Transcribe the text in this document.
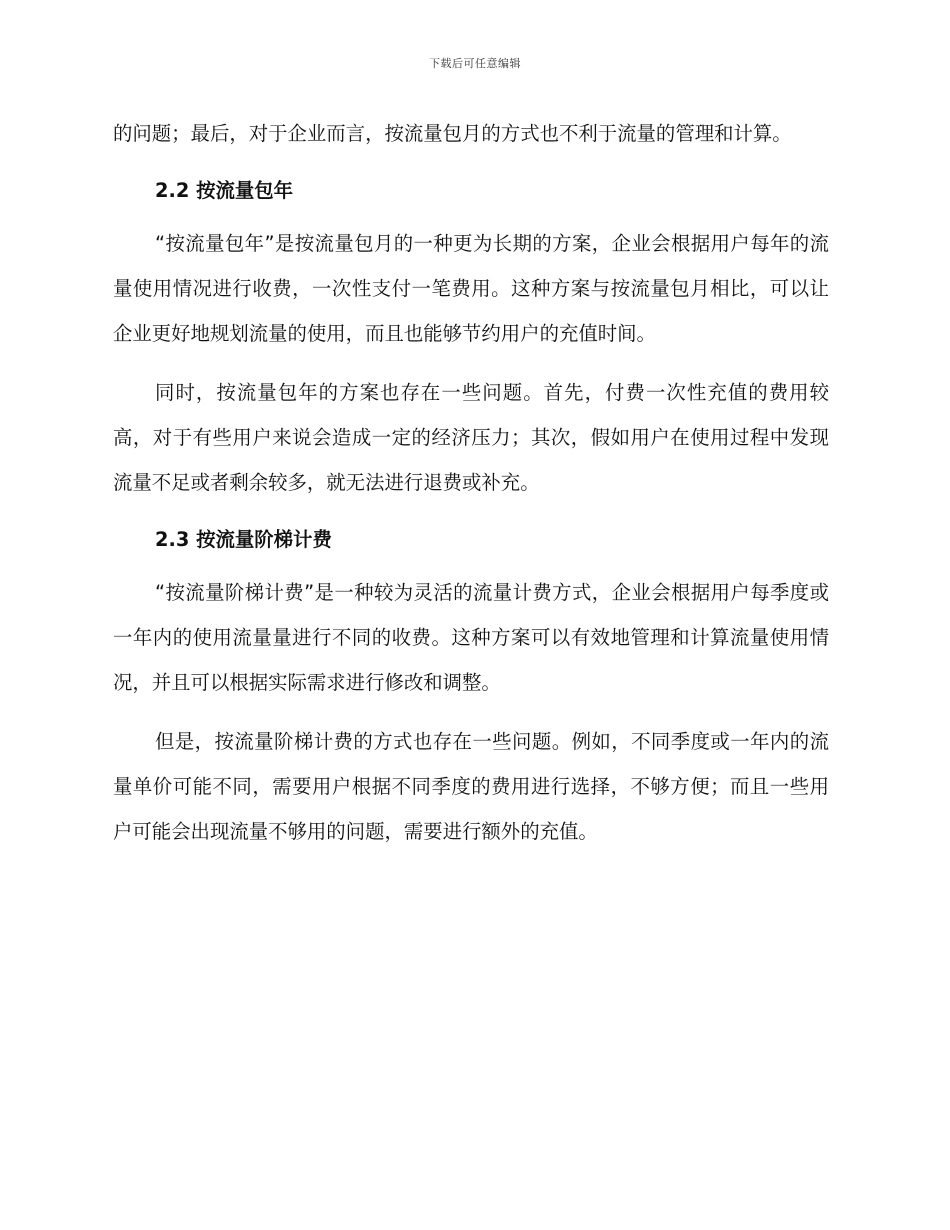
下载后可任意编辑

的问题；最后，对于企业而言，按流量包月的方式也不利于流量的管理和计算。

2.2 按流量包年

“按流量包年”是按流量包月的一种更为长期的方案，企业会根据用户每年的流量使用情况进行收费，一次性支付一笔费用。这种方案与按流量包月相比，可以让企业更好地规划流量的使用，而且也能够节约用户的充值时间。

同时，按流量包年的方案也存在一些问题。首先，付费一次性充值的费用较高，对于有些用户来说会造成一定的经济压力；其次，假如用户在使用过程中发现流量不足或者剩余较多，就无法进行退费或补充。

2.3 按流量阶梯计费

“按流量阶梯计费”是一种较为灵活的流量计费方式，企业会根据用户每季度或一年内的使用流量量进行不同的收费。这种方案可以有效地管理和计算流量使用情况，并且可以根据实际需求进行修改和调整。

但是，按流量阶梯计费的方式也存在一些问题。例如，不同季度或一年内的流量单价可能不同，需要用户根据不同季度的费用进行选择，不够方便；而且一些用户可能会出现流量不够用的问题，需要进行额外的充值。
